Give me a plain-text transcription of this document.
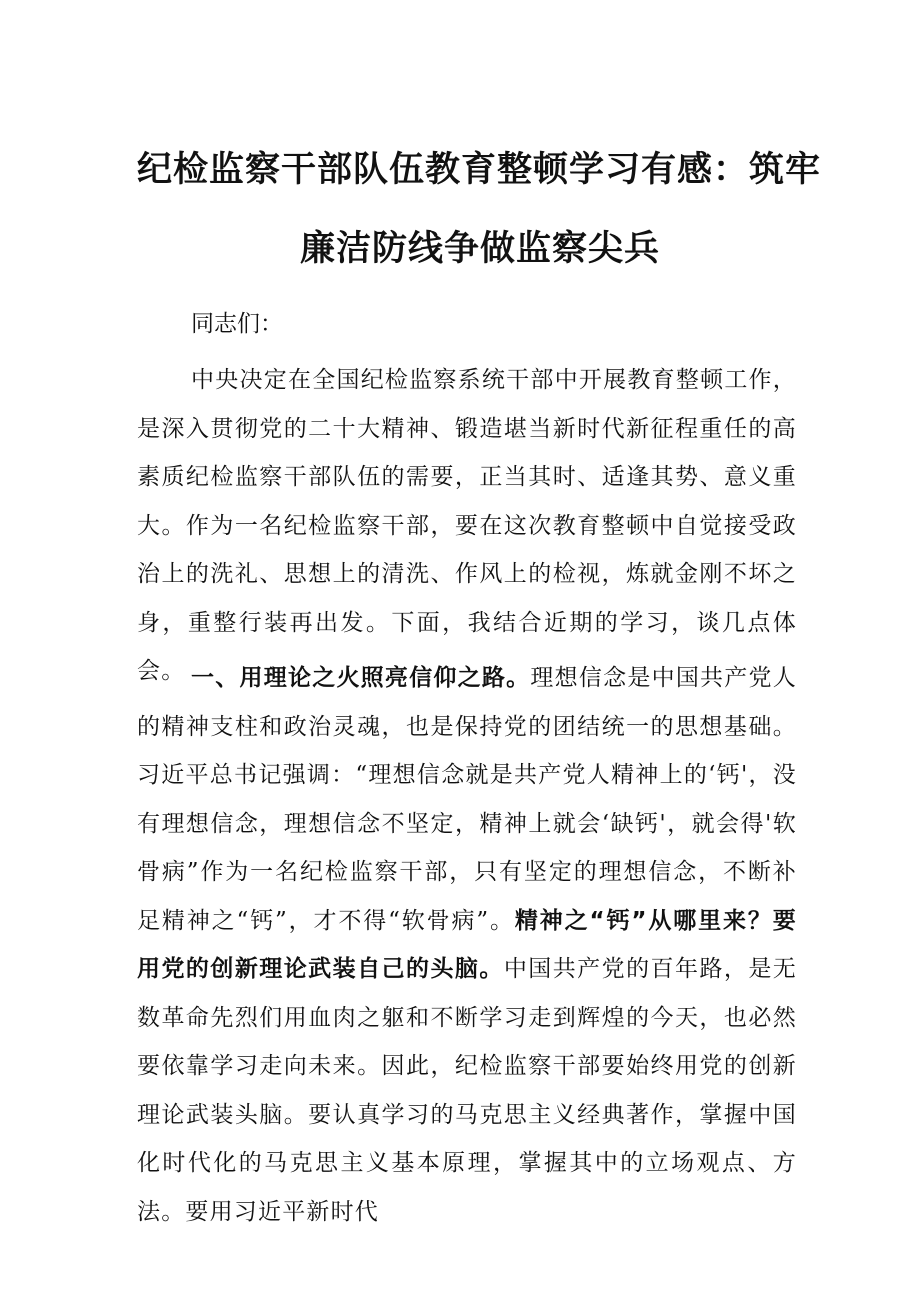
纪检监察干部队伍教育整顿学习有感：筑牢
廉洁防线争做监察尖兵
同志们：
中央决定在全国纪检监察系统干部中开展教育整顿工作，是深入贯彻党的二十大精神、锻造堪当新时代新征程重任的高素质纪检监察干部队伍的需要，正当其时、适逢其势、意义重大。作为一名纪检监察干部，要在这次教育整顿中自觉接受政治上的洗礼、思想上的清洗、作风上的检视，炼就金刚不坏之身，重整行装再出发。下面，我结合近期的学习，谈几点体会。 一、用理论之火照亮信仰之路。理想信念是中国共产党人的精神支柱和政治灵魂，也是保持党的团结统一的思想基础。习近平总书记强调：“理想信念就是共产党人精神上的‘钙'，没有理想信念，理想信念不坚定，精神上就会‘缺钙'，就会得'软骨病”作为一名纪检监察干部，只有坚定的理想信念，不断补足精神之“钙”，才不得“软骨病”。精神之“钙”从哪里来？要用党的创新理论武装自己的头脑。中国共产党的百年路，是无数革命先烈们用血肉之躯和不断学习走到辉煌的今天，也必然要依靠学习走向未来。因此，纪检监察干部要始终用党的创新理论武装头脑。要认真学习的马克思主义经典著作，掌握中国化时代化的马克思主义基本原理，掌握其中的立场观点、方法。要用习近平新时代
